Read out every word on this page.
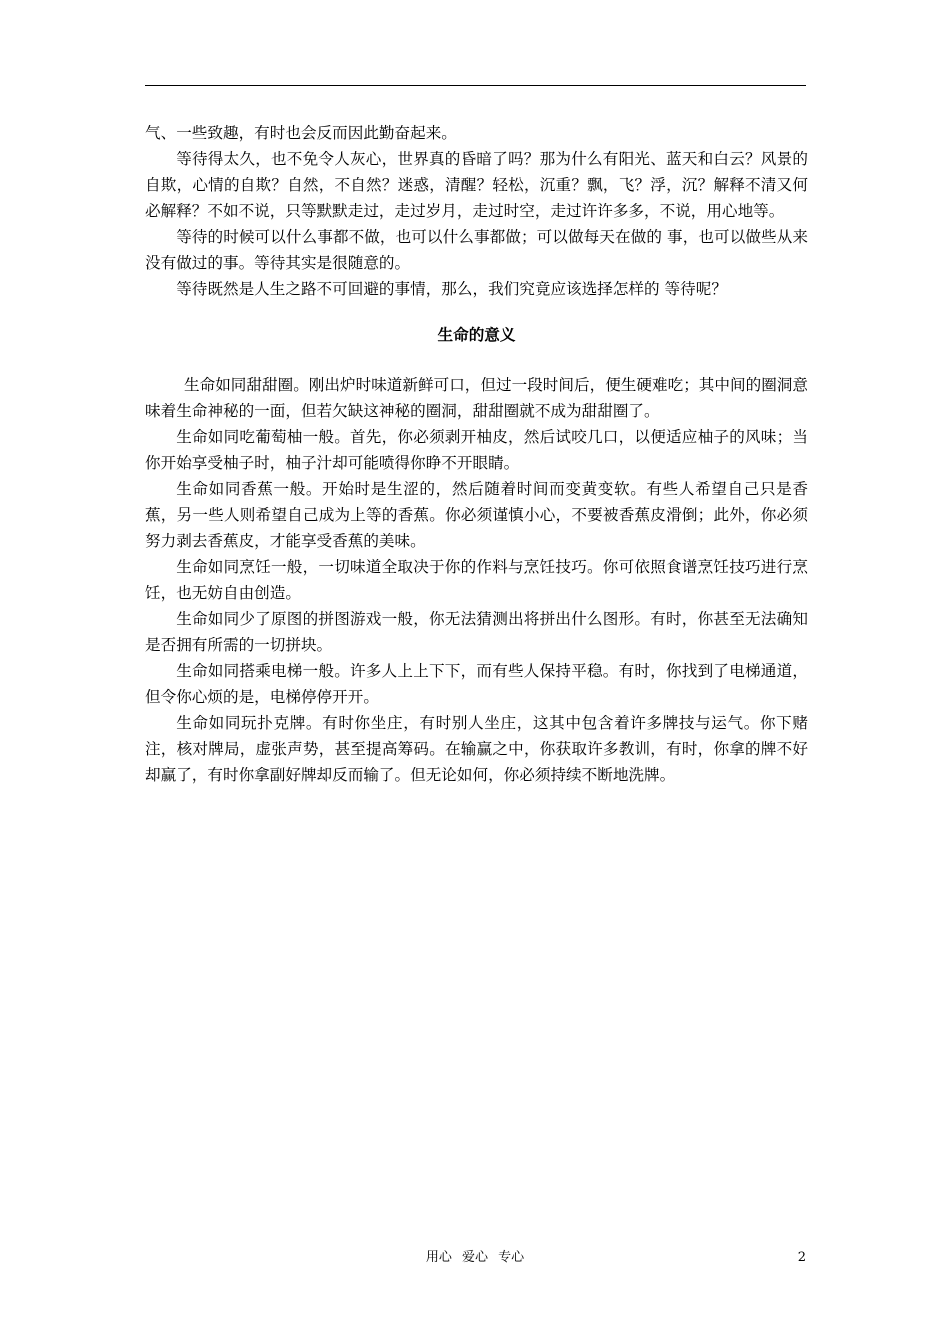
气、一些致趣，有时也会反而因此勤奋起来。

等待得太久，也不免令人灰心，世界真的昏暗了吗？那为什么有阳光、蓝天和白云？风景的自欺，心情的自欺？自然，不自然？迷惑，清醒？轻松，沉重？飘，飞？浮，沉？解释不清又何必解释？不如不说，只等默默走过，走过岁月，走过时空，走过许许多多，不说，用心地等。

等待的时候可以什么事都不做，也可以什么事都做；可以做每天在做的 事，也可以做些从来没有做过的事。等待其实是很随意的。

等待既然是人生之路不可回避的事情，那么，我们究竟应该选择怎样的 等待呢？

生命的意义

生命如同甜甜圈。刚出炉时味道新鲜可口，但过一段时间后，便生硬难吃；其中间的圈洞意味着生命神秘的一面，但若欠缺这神秘的圈洞，甜甜圈就不成为甜甜圈了。

生命如同吃葡萄柚一般。首先，你必须剥开柚皮，然后试咬几口，以便适应柚子的风味；当你开始享受柚子时，柚子汁却可能喷得你睁不开眼睛。

生命如同香蕉一般。开始时是生涩的，然后随着时间而变黄变软。有些人希望自己只是香蕉，另一些人则希望自己成为上等的香蕉。你必须谨慎小心，不要被香蕉皮滑倒；此外，你必须努力剥去香蕉皮，才能享受香蕉的美味。

生命如同烹饪一般，一切味道全取决于你的作料与烹饪技巧。你可依照食谱烹饪技巧进行烹饪，也无妨自由创造。

生命如同少了原图的拼图游戏一般，你无法猜测出将拼出什么图形。有时，你甚至无法确知是否拥有所需的一切拼块。

生命如同搭乘电梯一般。许多人上上下下，而有些人保持平稳。有时，你找到了电梯通道，但令你心烦的是，电梯停停开开。

生命如同玩扑克牌。有时你坐庄，有时别人坐庄，这其中包含着许多牌技与运气。你下赌注，核对牌局，虚张声势，甚至提高筹码。在输赢之中，你获取许多教训，有时，你拿的牌不好却赢了，有时你拿副好牌却反而输了。但无论如何，你必须持续不断地洗牌。

用心 爱心 专心	2
